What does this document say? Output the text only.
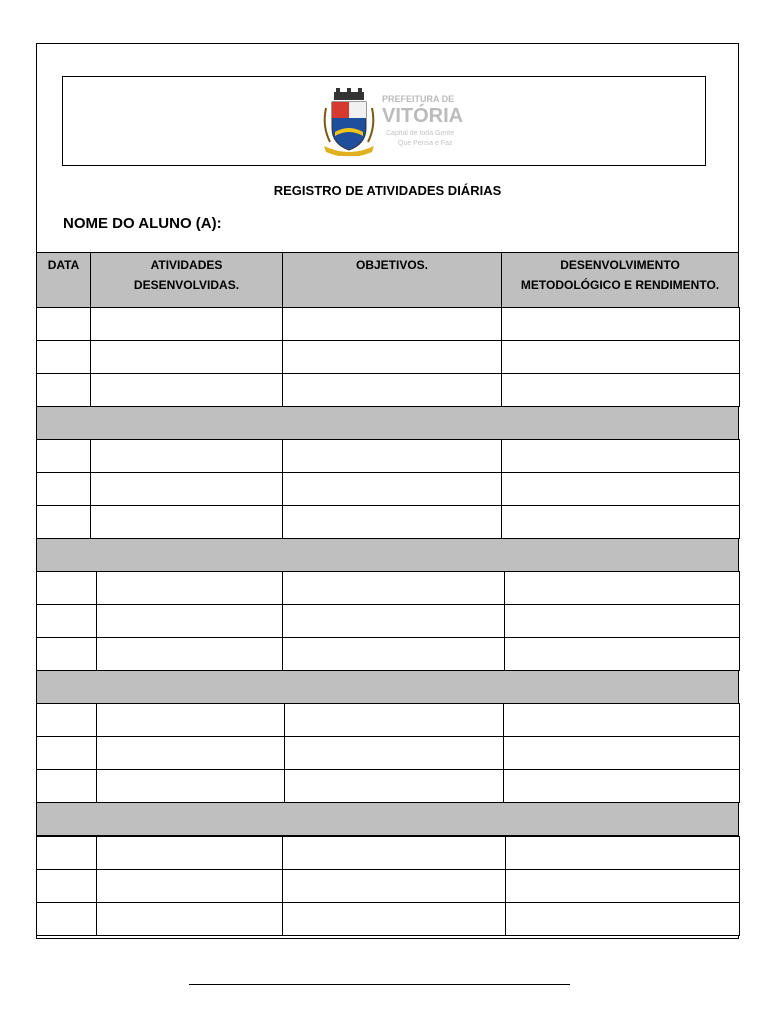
PREFEITURA DE
VITÓRIA
Capital de toda Gente
Que Pensa e Faz
REGISTRO DE ATIVIDADES DIÁRIAS
NOME DO ALUNO (A):
DATA	ATIVIDADES
DESENVOLVIDAS.
OBJETIVOS.	DESENVOLVIMENTO
METODOLÓGICO E RENDIMENTO.
